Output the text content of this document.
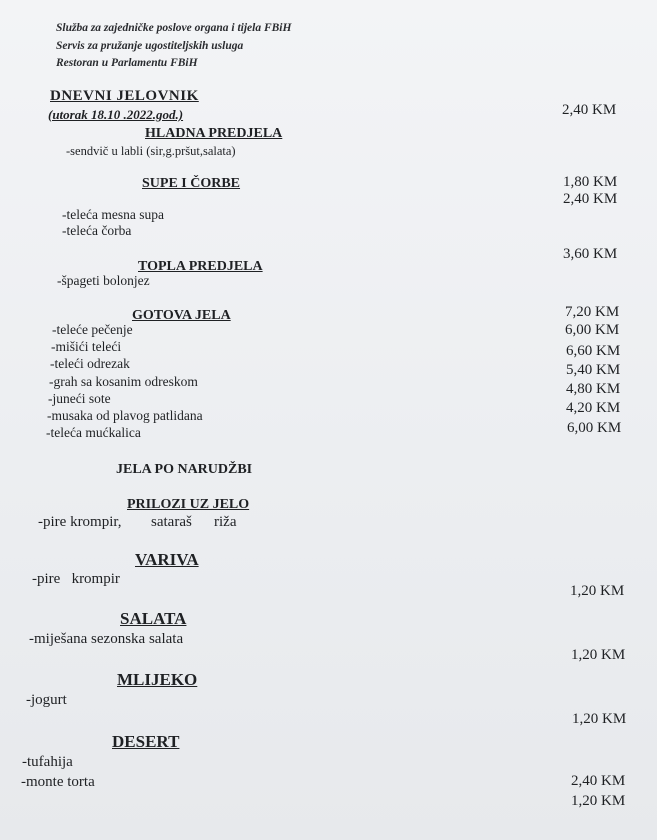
Služba za zajedničke poslove organa i tijela FBiH
Servis za pružanje ugostiteljskih usluga
Restoran u Parlamentu FBiH
DNEVNI JELOVNIK
(utorak 18.10 .2022.god.)
HLADNA PREDJELA
-sendvič u labli (sir,g.pršut,salata)
2,40 KM
SUPE I ČORBE
-teleća mesna supa
-teleća čorba
1,80 KM
2,40 KM
TOPLA PREDJELA
-špageti bolonjez
3,60 KM
GOTOVA JELA
-teleće pečenje
-mišići teleći
-teleći odrezak
-grah sa kosanim odreskom
-juneći sote
-musaka od plavog patlidana
-teleća mućkalica
7,20 KM
6,00 KM
6,60 KM
5,40 KM
4,80 KM
4,20 KM
6,00 KM
JELA PO NARUDŽBI
PRILOZI UZ JELO
-pire krompir, sataraš riža
VARIVA
-pire   krompir
1,20 KM
SALATA
-miješana sezonska salata
1,20 KM
MLIJEKO
-jogurt
1,20 KM
DESERT
-tufahija
-monte torta	2,40 KM
1,20 KM
